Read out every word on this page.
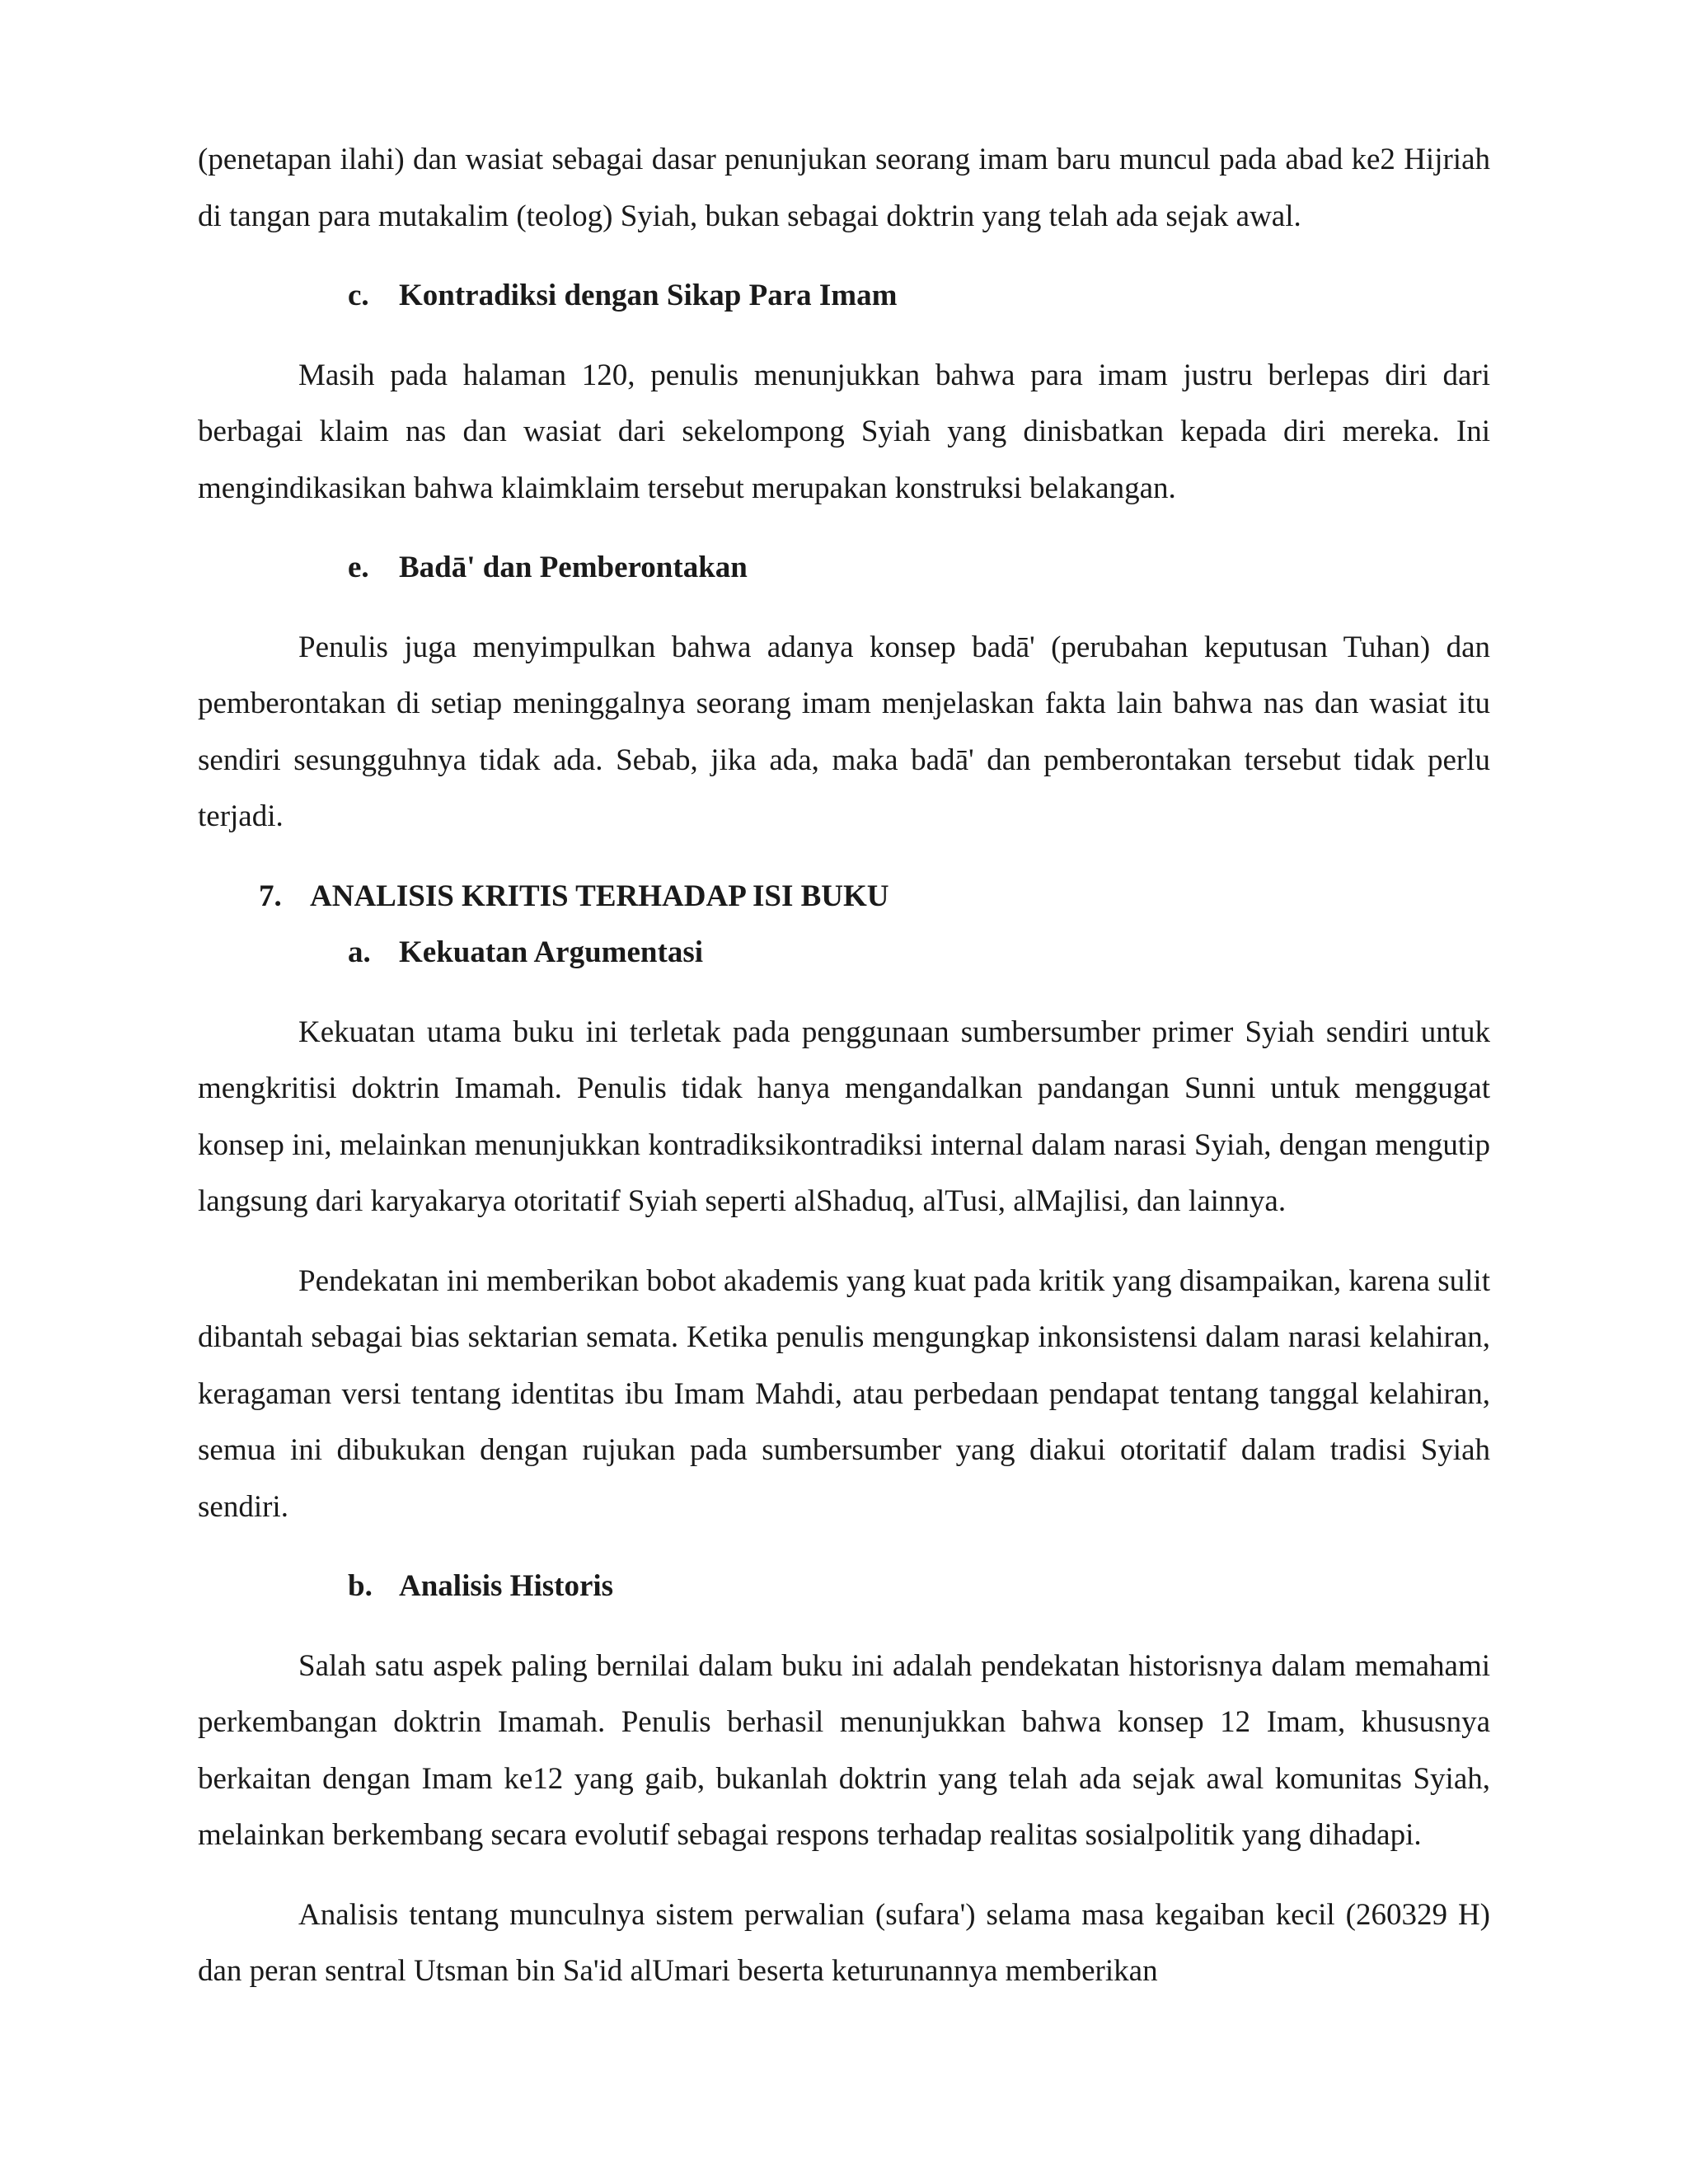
(penetapan ilahi) dan wasiat sebagai dasar penunjukan seorang imam baru muncul pada abad ke2 Hijriah di tangan para mutakalim (teolog) Syiah, bukan sebagai doktrin yang telah ada sejak awal.

c. Kontradiksi dengan Sikap Para Imam

Masih pada halaman 120, penulis menunjukkan bahwa para imam justru berlepas diri dari berbagai klaim nas dan wasiat dari sekelompong Syiah yang dinisbatkan kepada diri mereka. Ini mengindikasikan bahwa klaimklaim tersebut merupakan konstruksi belakangan.

e. Badā' dan Pemberontakan

Penulis juga menyimpulkan bahwa adanya konsep badā' (perubahan keputusan Tuhan) dan pemberontakan di setiap meninggalnya seorang imam menjelaskan fakta lain bahwa nas dan wasiat itu sendiri sesungguhnya tidak ada. Sebab, jika ada, maka badā' dan pemberontakan tersebut tidak perlu terjadi.

7. ANALISIS KRITIS TERHADAP ISI BUKU

a. Kekuatan Argumentasi

Kekuatan utama buku ini terletak pada penggunaan sumbersumber primer Syiah sendiri untuk mengkritisi doktrin Imamah. Penulis tidak hanya mengandalkan pandangan Sunni untuk menggugat konsep ini, melainkan menunjukkan kontradiksikontradiksi internal dalam narasi Syiah, dengan mengutip langsung dari karyakarya otoritatif Syiah seperti alShaduq, alTusi, alMajlisi, dan lainnya.

Pendekatan ini memberikan bobot akademis yang kuat pada kritik yang disampaikan, karena sulit dibantah sebagai bias sektarian semata. Ketika penulis mengungkap inkonsistensi dalam narasi kelahiran, keragaman versi tentang identitas ibu Imam Mahdi, atau perbedaan pendapat tentang tanggal kelahiran, semua ini dibukukan dengan rujukan pada sumbersumber yang diakui otoritatif dalam tradisi Syiah sendiri.

b. Analisis Historis

Salah satu aspek paling bernilai dalam buku ini adalah pendekatan historisnya dalam memahami perkembangan doktrin Imamah. Penulis berhasil menunjukkan bahwa konsep 12 Imam, khususnya berkaitan dengan Imam ke12 yang gaib, bukanlah doktrin yang telah ada sejak awal komunitas Syiah, melainkan berkembang secara evolutif sebagai respons terhadap realitas sosialpolitik yang dihadapi.

Analisis tentang munculnya sistem perwalian (sufara') selama masa kegaiban kecil (260329 H) dan peran sentral Utsman bin Sa'id alUmari beserta keturunannya memberikan
